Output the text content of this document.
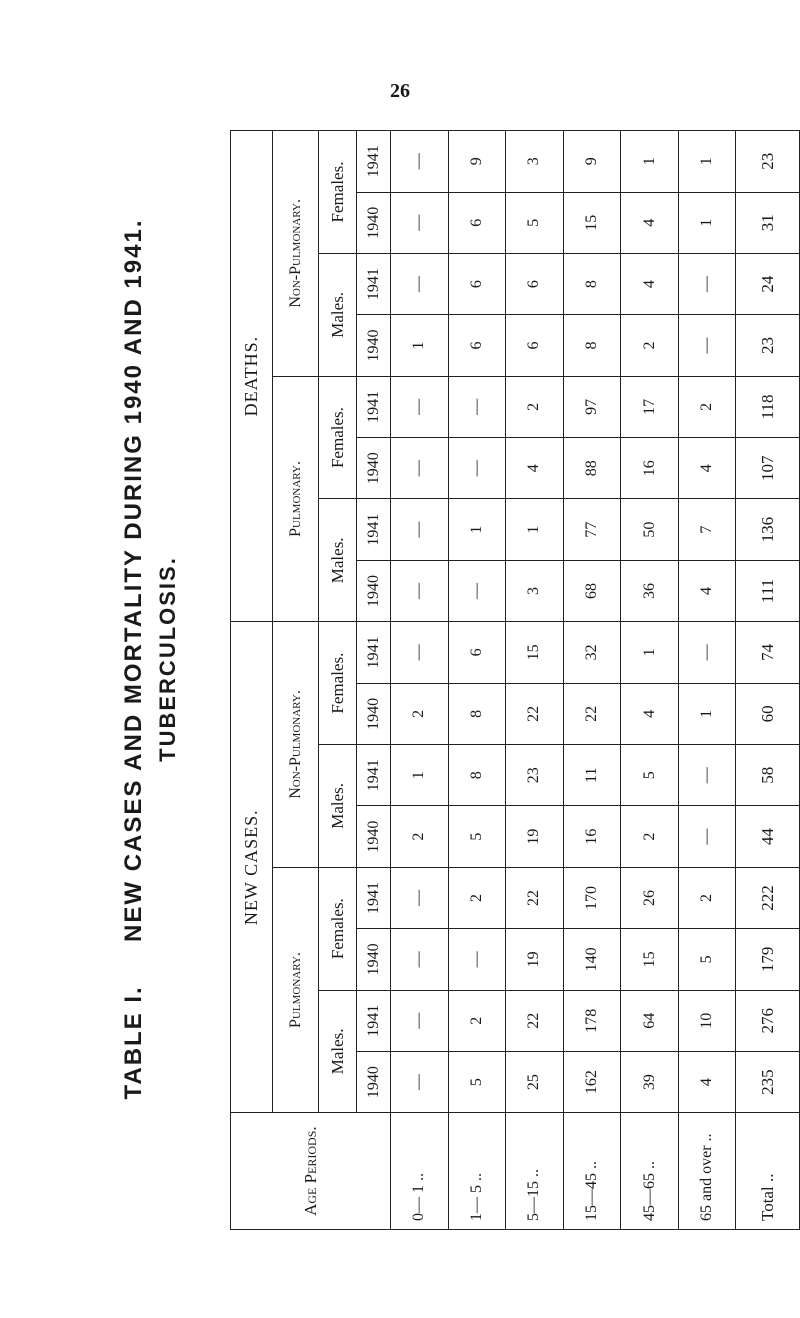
26
TABLE I.     NEW CASES AND MORTALITY DURING 1940 AND 1941. TUBERCULOSIS.
Age Periods.	NEW CASES.								DEATHS.							
	Pulmonary.				Non-Pulmonary.				Pulmonary.				Non-Pulmonary.			
	Males.		Females.		Males.		Females.		Males.		Females.		Males.		Females.	
	1940	1941	1940	1941	1940	1941	1940	1941	1940	1941	1940	1941	1940	1941	1940	1941
0— 1 ..	—	—	—	—	2	1	2	—	—	—	—	—	1	—	—	—
1— 5 ..	5	2	—	2	5	8	8	6	—	1	—	—	6	6	6	9
5—15 ..	25	22	19	22	19	23	22	15	3	1	4	2	6	6	5	3
15—45 ..	162	178	140	170	16	11	22	32	68	77	88	97	8	8	15	9
45—65 ..	39	64	15	26	2	5	4	1	36	50	16	17	2	4	4	1
65 and over ..	4	10	5	2	—	—	1	—	4	7	4	2	—	—	1	1
Total ..	235	276	179	222	44	58	60	74	111	136	107	118	23	24	31	23
